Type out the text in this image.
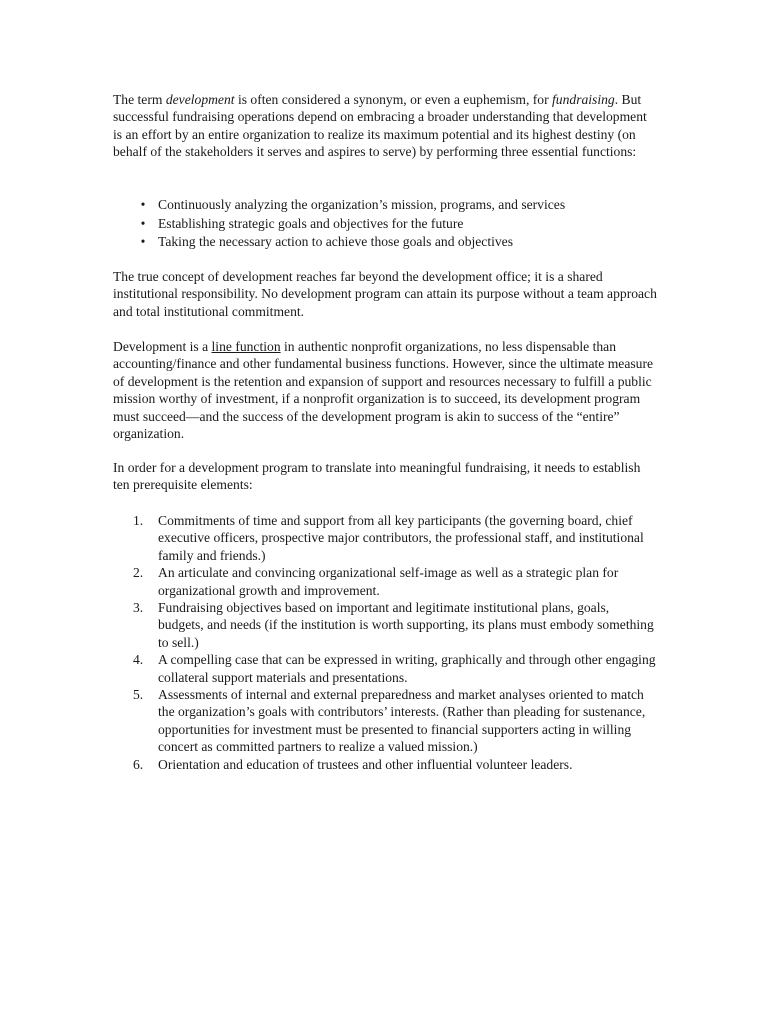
The term development is often considered a synonym, or even a euphemism, for fundraising. But successful fundraising operations depend on embracing a broader understanding that development is an effort by an entire organization to realize its maximum potential and its highest destiny (on behalf of the stakeholders it serves and aspires to serve) by performing three essential functions:

• Continuously analyzing the organization’s mission, programs, and services
• Establishing strategic goals and objectives for the future
• Taking the necessary action to achieve those goals and objectives

The true concept of development reaches far beyond the development office; it is a shared institutional responsibility. No development program can attain its purpose without a team approach and total institutional commitment.

Development is a line function in authentic nonprofit organizations, no less dispensable than accounting/finance and other fundamental business functions. However, since the ultimate measure of development is the retention and expansion of support and resources necessary to fulfill a public mission worthy of investment, if a nonprofit organization is to succeed, its development program must succeed—and the success of the development program is akin to success of the “entire” organization.

In order for a development program to translate into meaningful fundraising, it needs to establish ten prerequisite elements:

1.	Commitments of time and support from all key participants (the governing board, chief executive officers, prospective major contributors, the professional staff, and institutional family and friends.)
2.	An articulate and convincing organizational self-image as well as a strategic plan for organizational growth and improvement.
3.	Fundraising objectives based on important and legitimate institutional plans, goals, budgets, and needs (if the institution is worth supporting, its plans must embody something to sell.)
4.	A compelling case that can be expressed in writing, graphically and through other engaging collateral support materials and presentations.
5.	Assessments of internal and external preparedness and market analyses oriented to match the organization’s goals with contributors’ interests. (Rather than pleading for sustenance, opportunities for investment must be presented to financial supporters acting in willing concert as committed partners to realize a valued mission.)
6.	Orientation and education of trustees and other influential volunteer leaders.
